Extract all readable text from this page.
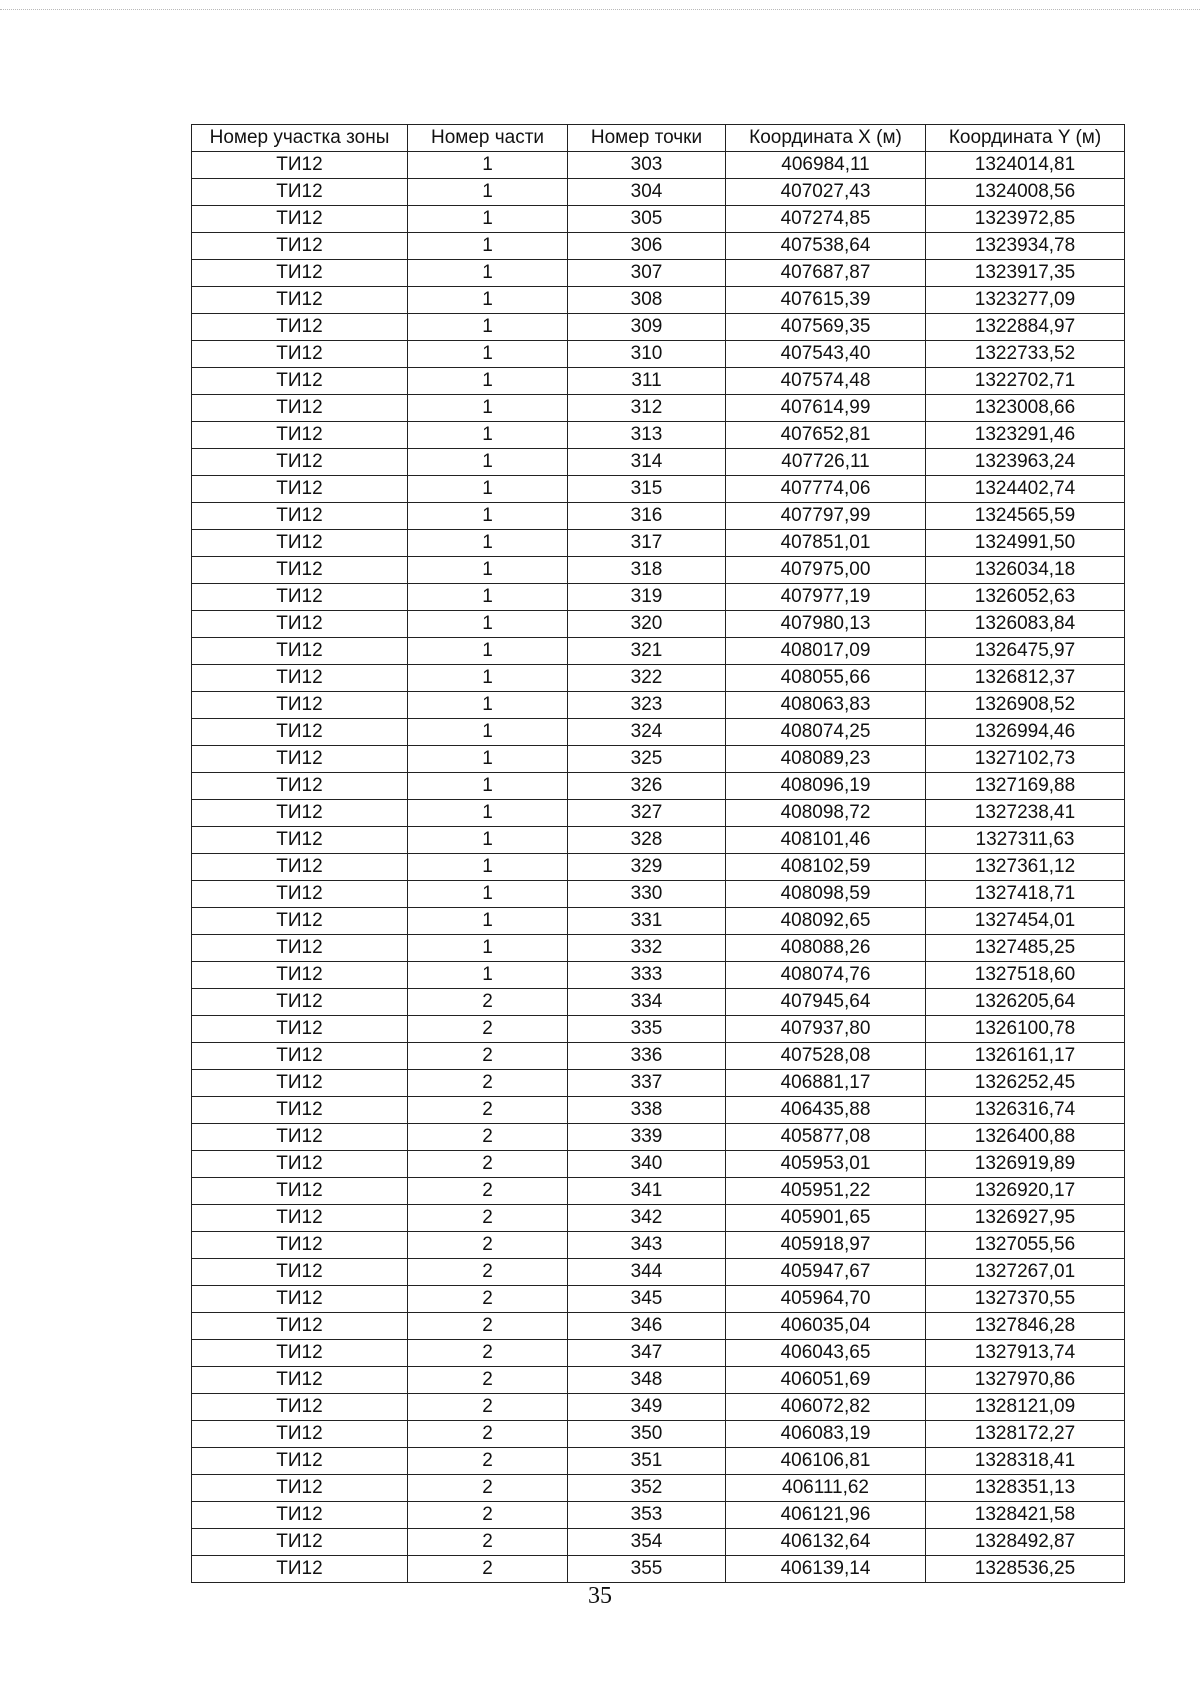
Номер участка зоны	Номер части	Номер точки	Координата X (м)	Координата Y (м)
ТИ12	1	303	406984,11	1324014,81
ТИ12	1	304	407027,43	1324008,56
ТИ12	1	305	407274,85	1323972,85
ТИ12	1	306	407538,64	1323934,78
ТИ12	1	307	407687,87	1323917,35
ТИ12	1	308	407615,39	1323277,09
ТИ12	1	309	407569,35	1322884,97
ТИ12	1	310	407543,40	1322733,52
ТИ12	1	311	407574,48	1322702,71
ТИ12	1	312	407614,99	1323008,66
ТИ12	1	313	407652,81	1323291,46
ТИ12	1	314	407726,11	1323963,24
ТИ12	1	315	407774,06	1324402,74
ТИ12	1	316	407797,99	1324565,59
ТИ12	1	317	407851,01	1324991,50
ТИ12	1	318	407975,00	1326034,18
ТИ12	1	319	407977,19	1326052,63
ТИ12	1	320	407980,13	1326083,84
ТИ12	1	321	408017,09	1326475,97
ТИ12	1	322	408055,66	1326812,37
ТИ12	1	323	408063,83	1326908,52
ТИ12	1	324	408074,25	1326994,46
ТИ12	1	325	408089,23	1327102,73
ТИ12	1	326	408096,19	1327169,88
ТИ12	1	327	408098,72	1327238,41
ТИ12	1	328	408101,46	1327311,63
ТИ12	1	329	408102,59	1327361,12
ТИ12	1	330	408098,59	1327418,71
ТИ12	1	331	408092,65	1327454,01
ТИ12	1	332	408088,26	1327485,25
ТИ12	1	333	408074,76	1327518,60
ТИ12	2	334	407945,64	1326205,64
ТИ12	2	335	407937,80	1326100,78
ТИ12	2	336	407528,08	1326161,17
ТИ12	2	337	406881,17	1326252,45
ТИ12	2	338	406435,88	1326316,74
ТИ12	2	339	405877,08	1326400,88
ТИ12	2	340	405953,01	1326919,89
ТИ12	2	341	405951,22	1326920,17
ТИ12	2	342	405901,65	1326927,95
ТИ12	2	343	405918,97	1327055,56
ТИ12	2	344	405947,67	1327267,01
ТИ12	2	345	405964,70	1327370,55
ТИ12	2	346	406035,04	1327846,28
ТИ12	2	347	406043,65	1327913,74
ТИ12	2	348	406051,69	1327970,86
ТИ12	2	349	406072,82	1328121,09
ТИ12	2	350	406083,19	1328172,27
ТИ12	2	351	406106,81	1328318,41
ТИ12	2	352	406111,62	1328351,13
ТИ12	2	353	406121,96	1328421,58
ТИ12	2	354	406132,64	1328492,87
ТИ12	2	355	406139,14	1328536,25
35
